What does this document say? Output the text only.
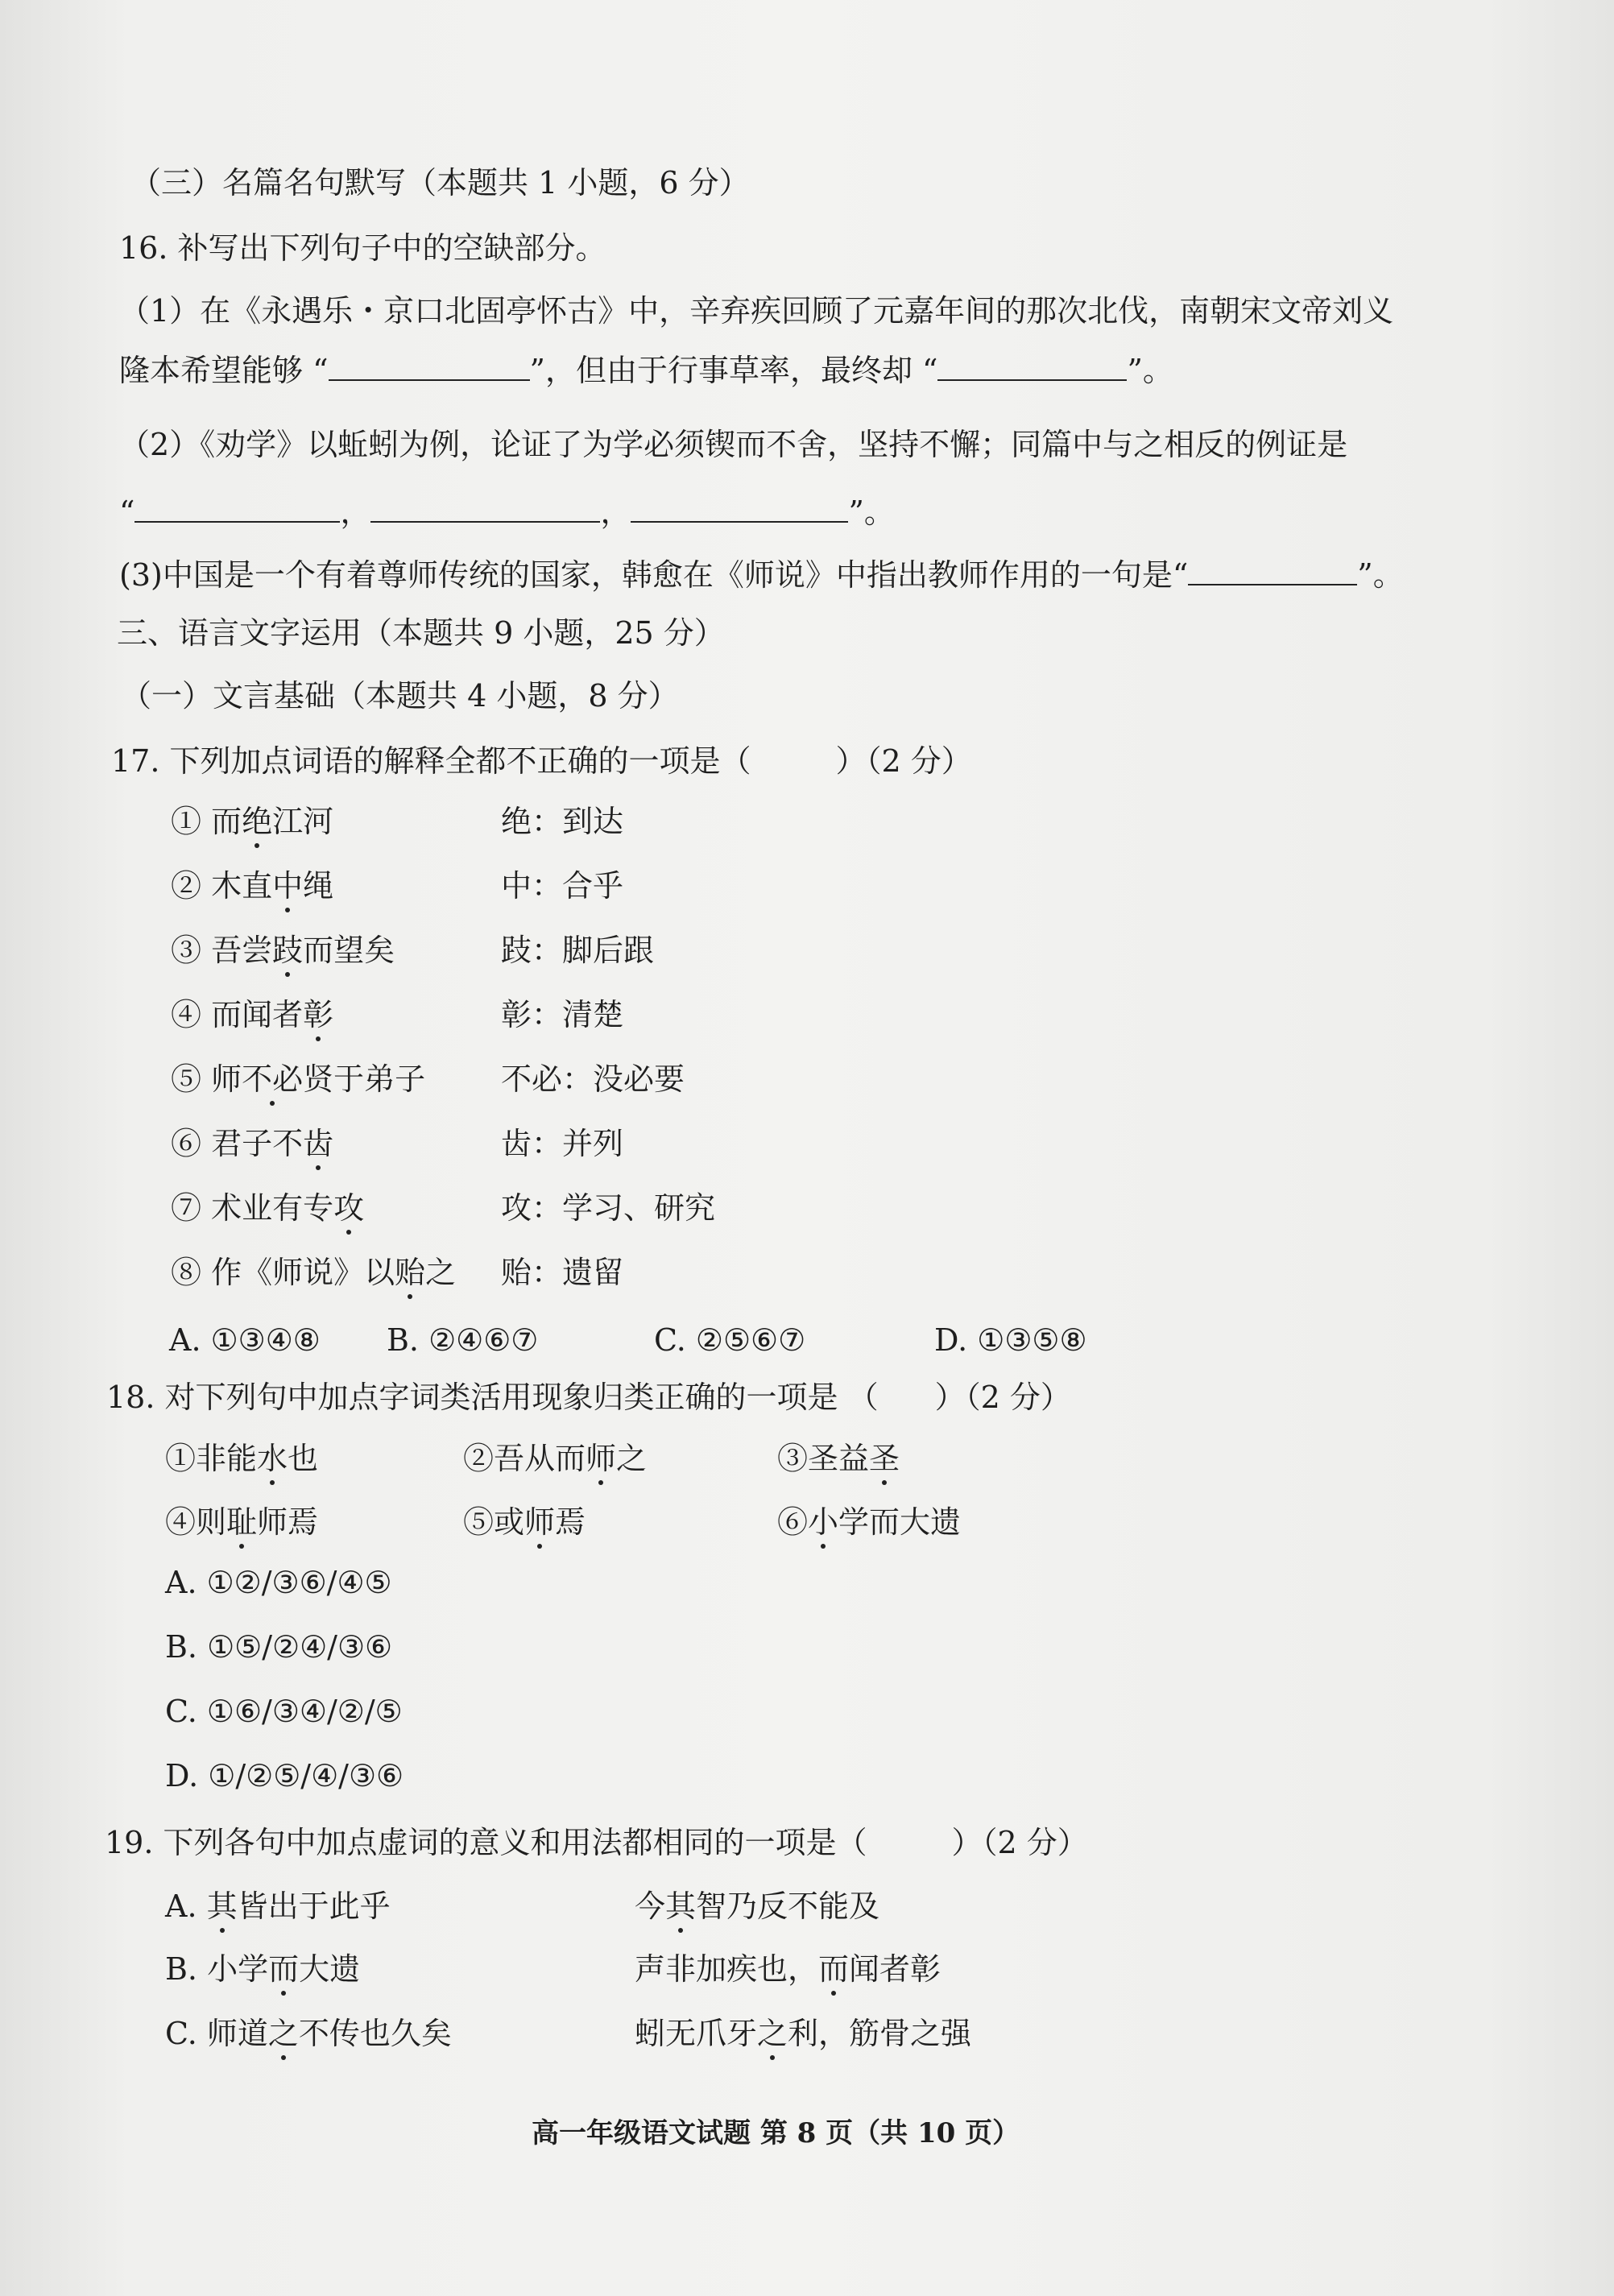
（三）名篇名句默写（本题共 1 小题，6 分）
16. 补写出下列句子中的空缺部分。
（1）在《永遇乐・京口北固亭怀古》中，辛弃疾回顾了元嘉年间的那次北伐，南朝宋文帝刘义
隆本希望能够 “	”，但由于行事草率，最终却 “	”。
（2）《劝学》以蚯蚓为例，论证了为学必须锲而不舍，坚持不懈；同篇中与之相反的例证是
“	，	，	”。
(3)中国是一个有着尊师传统的国家，韩愈在《师说》中指出教师作用的一句是“	”。
三、语言文字运用（本题共 9 小题，25 分）
（一）文言基础（本题共 4 小题，8 分）
17. 下列加点词语的解释全都不正确的一项是（	）（2 分）
① 而绝江河	绝：到达
② 木直中绳	中：合乎
③ 吾尝跂而望矣	跂：脚后跟
④ 而闻者彰	彰：清楚
⑤ 师不必贤于弟子 不必：没必要
⑥ 君子不齿	齿：并列
⑦ 术业有专攻	攻：学习、研究
⑧ 作《师说》以贻之 贻：遗留
A. ①③④⑧ B. ②④⑥⑦	C. ②⑤⑥⑦	D. ①③⑤⑧
18. 对下列句中加点字词类活用现象归类正确的一项是 （ ）（2 分）
①非能水也	②吾从而师之	③圣益圣
④则耻师焉	⑤或师焉	⑥小学而大遗
A. ①②/③⑥/④⑤
B. ①⑤/②④/③⑥
C. ①⑥/③④/②/⑤
D. ①/②⑤/④/③⑥
19. 下列各句中加点虚词的意义和用法都相同的一项是（	）（2 分）
A. 其皆出于此乎	今其智乃反不能及
B. 小学而大遗	声非加疾也，而闻者彰
C. 师道之不传也久矣	蚓无爪牙之利，筋骨之强
高一年级语文试题 第 8 页（共 10 页）
